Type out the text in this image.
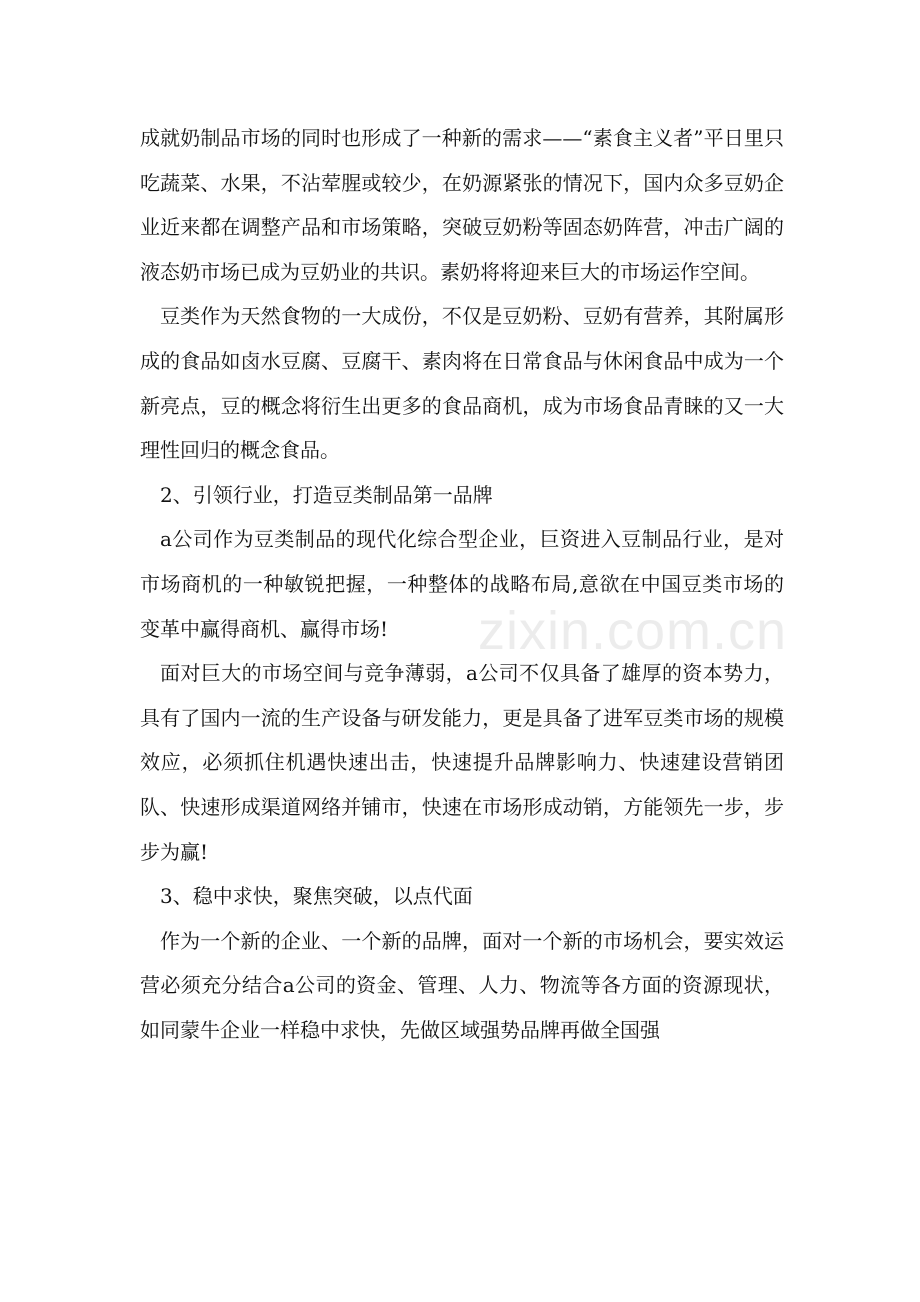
zixin.com.cn

成就奶制品市场的同时也形成了一种新的需求——“素食主义者”平日里只吃蔬菜、水果，不沾荤腥或较少，在奶源紧张的情况下，国内众多豆奶企业近来都在调整产品和市场策略，突破豆奶粉等固态奶阵营，冲击广阔的液态奶市场已成为豆奶业的共识。素奶将将迎来巨大的市场运作空间。

豆类作为天然食物的一大成份，不仅是豆奶粉、豆奶有营养，其附属形成的食品如卤水豆腐、豆腐干、素肉将在日常食品与休闲食品中成为一个新亮点，豆的概念将衍生出更多的食品商机，成为市场食品青睐的又一大理性回归的概念食品。

2、引领行业，打造豆类制品第一品牌

a公司作为豆类制品的现代化综合型企业，巨资进入豆制品行业，是对市场商机的一种敏锐把握，一种整体的战略布局,意欲在中国豆类市场的变革中赢得商机、赢得市场!

面对巨大的市场空间与竞争薄弱，a公司不仅具备了雄厚的资本势力，具有了国内一流的生产设备与研发能力，更是具备了进军豆类市场的规模效应，必须抓住机遇快速出击，快速提升品牌影响力、快速建设营销团队、快速形成渠道网络并铺市，快速在市场形成动销，方能领先一步，步步为赢!

3、稳中求快，聚焦突破，以点代面

作为一个新的企业、一个新的品牌，面对一个新的市场机会，要实效运营必须充分结合a公司的资金、管理、人力、物流等各方面的资源现状，如同蒙牛企业一样稳中求快，先做区域强势品牌再做全国强
